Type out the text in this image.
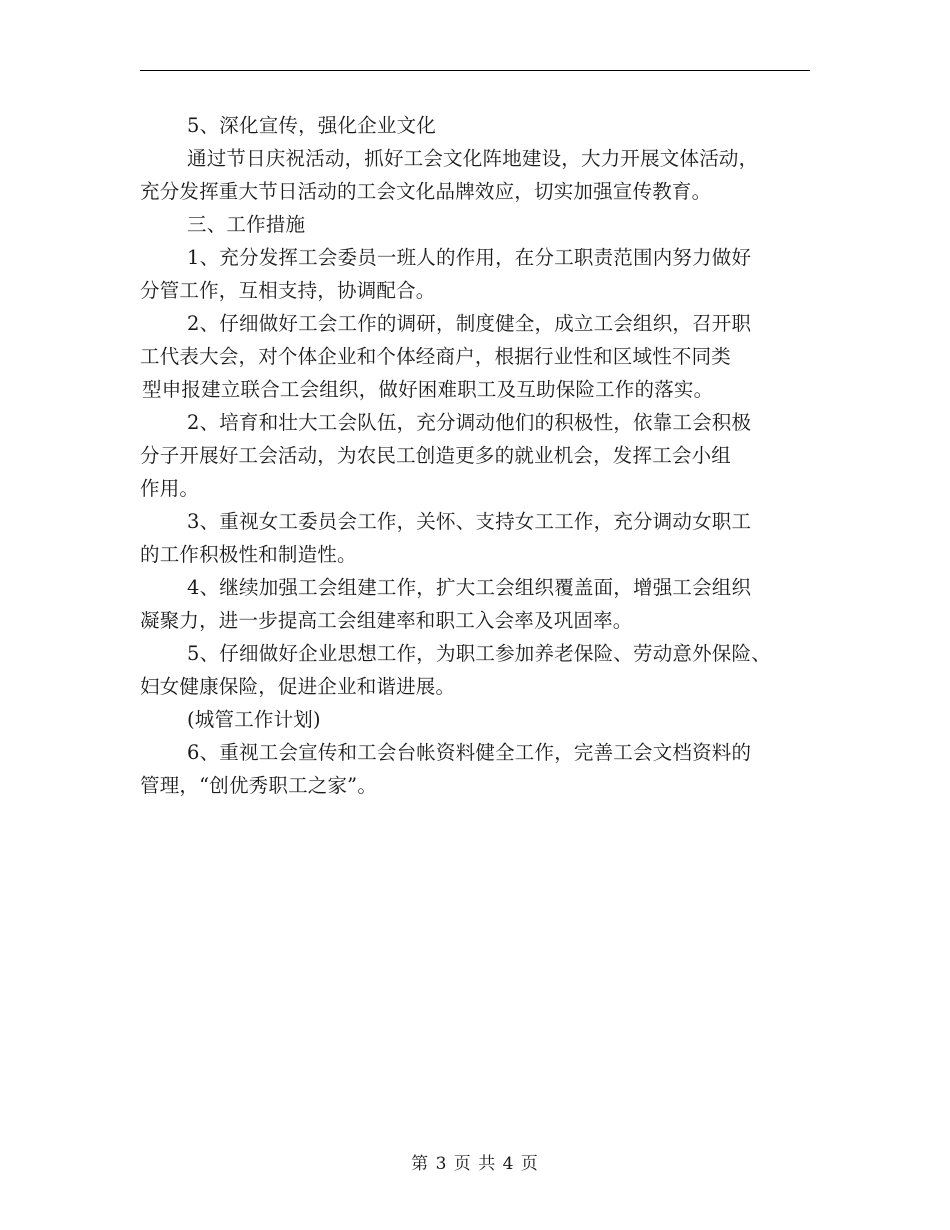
5、深化宣传，强化企业文化
通过节日庆祝活动，抓好工会文化阵地建设，大力开展文体活动，
充分发挥重大节日活动的工会文化品牌效应，切实加强宣传教育。
三、工作措施
1、充分发挥工会委员一班人的作用，在分工职责范围内努力做好
分管工作，互相支持，协调配合。
2、仔细做好工会工作的调研，制度健全，成立工会组织，召开职
工代表大会，对个体企业和个体经商户，根据行业性和区域性不同类
型申报建立联合工会组织，做好困难职工及互助保险工作的落实。
2、培育和壮大工会队伍，充分调动他们的积极性，依靠工会积极
分子开展好工会活动，为农民工创造更多的就业机会，发挥工会小组
作用。
3、重视女工委员会工作，关怀、支持女工工作，充分调动女职工
的工作积极性和制造性。
4、继续加强工会组建工作，扩大工会组织覆盖面，增强工会组织
凝聚力，进一步提高工会组建率和职工入会率及巩固率。
5、仔细做好企业思想工作，为职工参加养老保险、劳动意外保险、
妇女健康保险，促进企业和谐进展。
(城管工作计划)
6、重视工会宣传和工会台帐资料健全工作，完善工会文档资料的
管理，“创优秀职工之家”。
第 3 页 共 4 页
